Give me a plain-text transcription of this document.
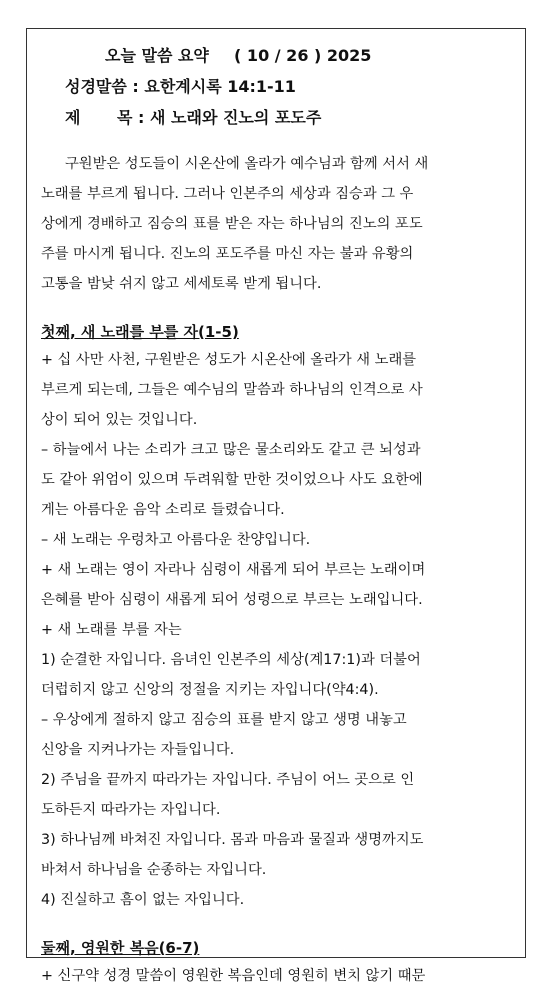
오늘 말씀 요약 ( 10 / 26 ) 2025
성경말씀 : 요한계시록 14:1-11
제 목 : 새 노래와 진노의 포도주
구원받은 성도들이 시온산에 올라가 예수님과 함께 서서 새
노래를 부르게 됩니다. 그러나 인본주의 세상과 짐승과 그 우
상에게 경배하고 짐승의 표를 받은 자는 하나님의 진노의 포도
주를 마시게 됩니다. 진노의 포도주를 마신 자는 불과 유황의
고통을 밤낮 쉬지 않고 세세토록 받게 됩니다.
첫째, 새 노래를 부를 자(1-5)
+ 십 사만 사천, 구원받은 성도가 시온산에 올라가 새 노래를
부르게 되는데, 그들은 예수님의 말씀과 하나님의 인격으로 사
상이 되어 있는 것입니다.
– 하늘에서 나는 소리가 크고 많은 물소리와도 같고 큰 뇌성과
도 같아 위엄이 있으며 두려워할 만한 것이었으나 사도 요한에
게는 아름다운 음악 소리로 들렸습니다.
– 새 노래는 우렁차고 아름다운 찬양입니다.
+ 새 노래는 영이 자라나 심령이 새롭게 되어 부르는 노래이며
은혜를 받아 심령이 새롭게 되어 성령으로 부르는 노래입니다.
+ 새 노래를 부를 자는
1) 순결한 자입니다. 음녀인 인본주의 세상(계17:1)과 더불어
더럽히지 않고 신앙의 정절을 지키는 자입니다(약4:4).
– 우상에게 절하지 않고 짐승의 표를 받지 않고 생명 내놓고
신앙을 지켜나가는 자들입니다.
2) 주님을 끝까지 따라가는 자입니다. 주님이 어느 곳으로 인
도하든지 따라가는 자입니다.
3) 하나님께 바쳐진 자입니다. 몸과 마음과 물질과 생명까지도
바쳐서 하나님을 순종하는 자입니다.
4) 진실하고 흠이 없는 자입니다.
둘째, 영원한 복음(6-7)
+ 신구약 성경 말씀이 영원한 복음인데 영원히 변치 않기 때문
